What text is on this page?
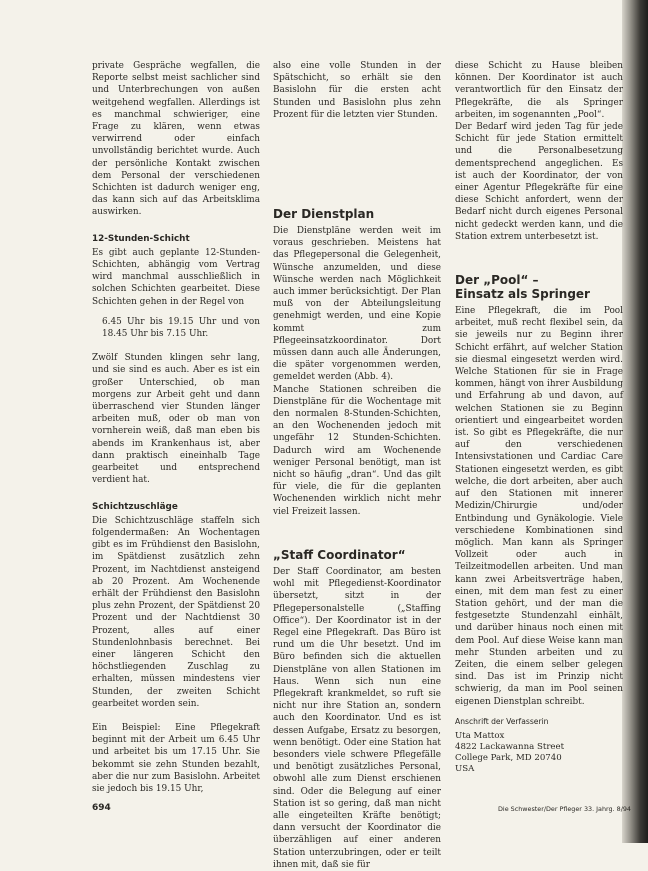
private Gespräche wegfallen, die Reporte selbst meist sachlicher sind und Unterbrechungen von außen weitgehend wegfallen. Allerdings ist es manchmal schwieriger, eine Frage zu klären, wenn etwas verwirrend oder einfach unvollständig berichtet wurde. Auch der persönliche Kontakt zwischen dem Personal der verschiedenen Schichten ist dadurch weniger eng, das kann sich auf das Arbeitsklima auswirken.

12-Stunden-Schicht

Es gibt auch geplante 12-Stunden-Schichten, abhängig vom Vertrag wird manchmal ausschließlich in solchen Schichten gearbeitet. Diese Schichten gehen in der Regel von

6.45 Uhr bis 19.15 Uhr und von 18.45 Uhr bis 7.15 Uhr.

Zwölf Stunden klingen sehr lang, und sie sind es auch. Aber es ist ein großer Unterschied, ob man morgens zur Arbeit geht und dann überraschend vier Stunden länger arbeiten muß, oder ob man von vornherein weiß, daß man eben bis abends im Krankenhaus ist, aber dann praktisch eineinhalb Tage gearbeitet und entsprechend verdient hat.

Schichtzuschläge

Die Schichtzuschläge staffeln sich folgendermaßen: An Wochentagen gibt es im Frühdienst den Basislohn, im Spätdienst zusätzlich zehn Prozent, im Nachtdienst ansteigend ab 20 Prozent. Am Wochenende erhält der Frühdienst den Basislohn plus zehn Prozent, der Spätdienst 20 Prozent und der Nachtdienst 30 Prozent, alles auf einer Stundenlohnbasis berechnet. Bei einer längeren Schicht den höchstliegenden Zuschlag zu erhalten, müssen mindestens vier Stunden, der zweiten Schicht gearbeitet worden sein.

Ein Beispiel: Eine Pflegekraft beginnt mit der Arbeit um 6.45 Uhr und arbeitet bis um 17.15 Uhr. Sie bekommt sie zehn Stunden bezahlt, aber die nur zum Basislohn. Arbeitet sie jedoch bis 19.15 Uhr,

also eine volle Stunden in der Spätschicht, so erhält sie den Basislohn für die ersten acht Stunden und Basislohn plus zehn Prozent für die letzten vier Stunden.

Der Dienstplan

Die Dienstpläne werden weit im voraus geschrieben. Meistens hat das Pflegepersonal die Gelegenheit, Wünsche anzumelden, und diese Wünsche werden nach Möglichkeit auch immer berücksichtigt. Der Plan muß von der Abteilungsleitung genehmigt werden, und eine Kopie kommt zum Pflegeeinsatzkoordinator. Dort müssen dann auch alle Änderungen, die später vorgenommen werden, gemeldet werden (Abb. 4).

Manche Stationen schreiben die Dienstpläne für die Wochentage mit den normalen 8-Stunden-Schichten, an den Wochenenden jedoch mit ungefähr 12 Stunden-Schichten. Dadurch wird am Wochenende weniger Personal benötigt, man ist nicht so häufig „dran“. Und das gilt für viele, die für die geplanten Wochenenden wirklich nicht mehr viel Freizeit lassen.

„Staff Coordinator“

Der Staff Coordinator, am besten wohl mit Pflegedienst-Koordinator übersetzt, sitzt in der Pflegepersonalstelle („Staffing Office“). Der Koordinator ist in der Regel eine Pflegekraft. Das Büro ist rund um die Uhr besetzt. Und im Büro befinden sich die aktuellen Dienstpläne von allen Stationen im Haus. Wenn sich nun eine Pflegekraft krankmeldet, so ruft sie nicht nur ihre Station an, sondern auch den Koordinator. Und es ist dessen Aufgabe, Ersatz zu besorgen, wenn benötigt. Oder eine Station hat besonders viele schwere Pflegefälle und benötigt zusätzliches Personal, obwohl alle zum Dienst erschienen sind. Oder die Belegung auf einer Station ist so gering, daß man nicht alle eingeteilten Kräfte benötigt; dann versucht der Koordinator die überzähligen auf einer anderen Station unterzubringen, oder er teilt ihnen mit, daß sie für

diese Schicht zu Hause bleiben können. Der Koordinator ist auch verantwortlich für den Einsatz der Pflegekräfte, die als Springer arbeiten, im sogenannten „Pool“.

Der Bedarf wird jeden Tag für jede Schicht für jede Station ermittelt und die Personalbesetzung dementsprechend angeglichen. Es ist auch der Koordinator, der von einer Agentur Pflegekräfte für eine diese Schicht anfordert, wenn der Bedarf nicht durch eigenes Personal nicht gedeckt werden kann, und die Station extrem unterbesetzt ist.

Der „Pool“ –
Einsatz als Springer

Eine Pflegekraft, die im Pool arbeitet, muß recht flexibel sein, da sie jeweils nur zu Beginn ihrer Schicht erfährt, auf welcher Station sie diesmal eingesetzt werden wird. Welche Stationen für sie in Frage kommen, hängt von ihrer Ausbildung und Erfahrung ab und davon, auf welchen Stationen sie zu Beginn orientiert und eingearbeitet worden ist. So gibt es Pflegekräfte, die nur auf den verschiedenen Intensivstationen und Cardiac Care Stationen eingesetzt werden, es gibt welche, die dort arbeiten, aber auch auf den Stationen mit innerer Medizin/Chirurgie und/oder Entbindung und Gynäkologie. Viele verschiedene Kombinationen sind möglich. Man kann als Springer Vollzeit oder auch in Teilzeitmodellen arbeiten. Und man kann zwei Arbeitsverträge haben, einen, mit dem man fest zu einer Station gehört, und der man die festgesetzte Stundenzahl einhält, und darüber hinaus noch einen mit dem Pool. Auf diese Weise kann man mehr Stunden arbeiten und zu Zeiten, die einem selber gelegen sind. Das ist im Prinzip nicht schwierig, da man im Pool seinen eigenen Dienstplan schreibt.

Anschrift der Verfasserin
Uta Mattox
4822 Lackawanna Street
College Park, MD 20740
USA
694	Die Schwester/Der Pfleger 33. Jahrg. 8/94
